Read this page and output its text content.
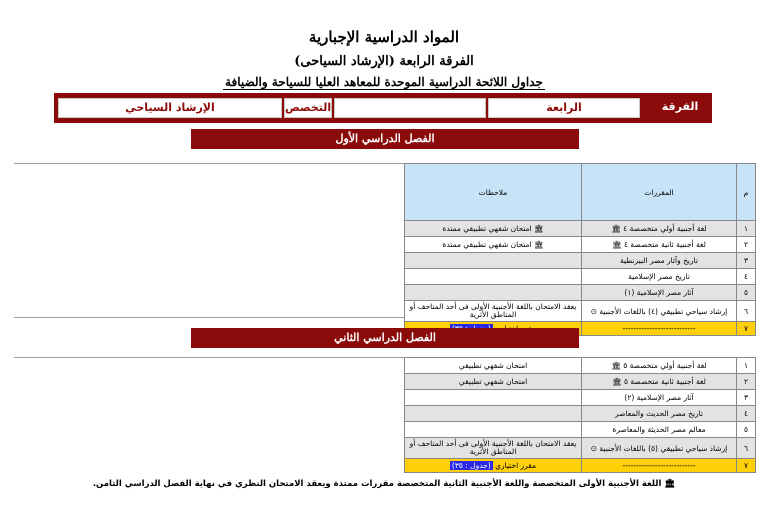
المواد الدراسية الإجبارية
الفرقة الرابعة (الإرشاد السياحى)
جداول اللائحة الدراسية الموحدة للمعاهد العليا للسياحة والضيافة
الفرقة
الرابعة
التخصص
الإرشاد السياحي
الفصل الدراسي الأول
ملاحظات	المقررات	م
🏛 امتحان شفهي تطبيقي ممتدة	لغة أجنبية أولي متخصصة ٤ 🏛	١
🏛 امتحان شفهي تطبيقي ممتدة	لغة أجنبية ثانية متخصصة ٤ 🏛	٢
	تاريخ وآثار مصر البيزنطية	٣
	تاريخ مصر الإسلامية	٤
	آثار مصر الإسلامية (١)	٥
يعقد الامتحان باللغة الأجنبية الأولى فى أحد المتاحف أو المناطق الأثرية	إرشاد سياحي تطبيقي (٤) باللغات الأجنبية ⊙	٦
	---------------------------	٧
الفصل الدراسي الثاني
امتحان شفهي تطبيقي	لغة أجنبية أولي متخصصة ٥ 🏛	١
امتحان شفهي تطبيقي	لغة أجنبية ثانية متخصصة ٥ 🏛	٢
	آثار مصر الإسلامية (٢)	٣
	تاريخ مصر الحديث والمعاصر	٤
	معالم مصر الحديثة والمعاصرة	٥
يعقد الامتحان باللغة الأجنبية الأولى فى أحد المتاحف أو المناطق الأثرية	إرشاد سياحي تطبيقي (٥) باللغات الأجنبية ⊙	٦
مقرر اختياري (جدول : ٣٥)	---------------------------	٧
🏛 اللغة الأجنبية الأولى المتخصصة واللغة الأجنبية الثانية المتخصصة مقررات ممتدة ويعقد الامتحان النظري في نهاية الفصل الدراسي الثامن.
